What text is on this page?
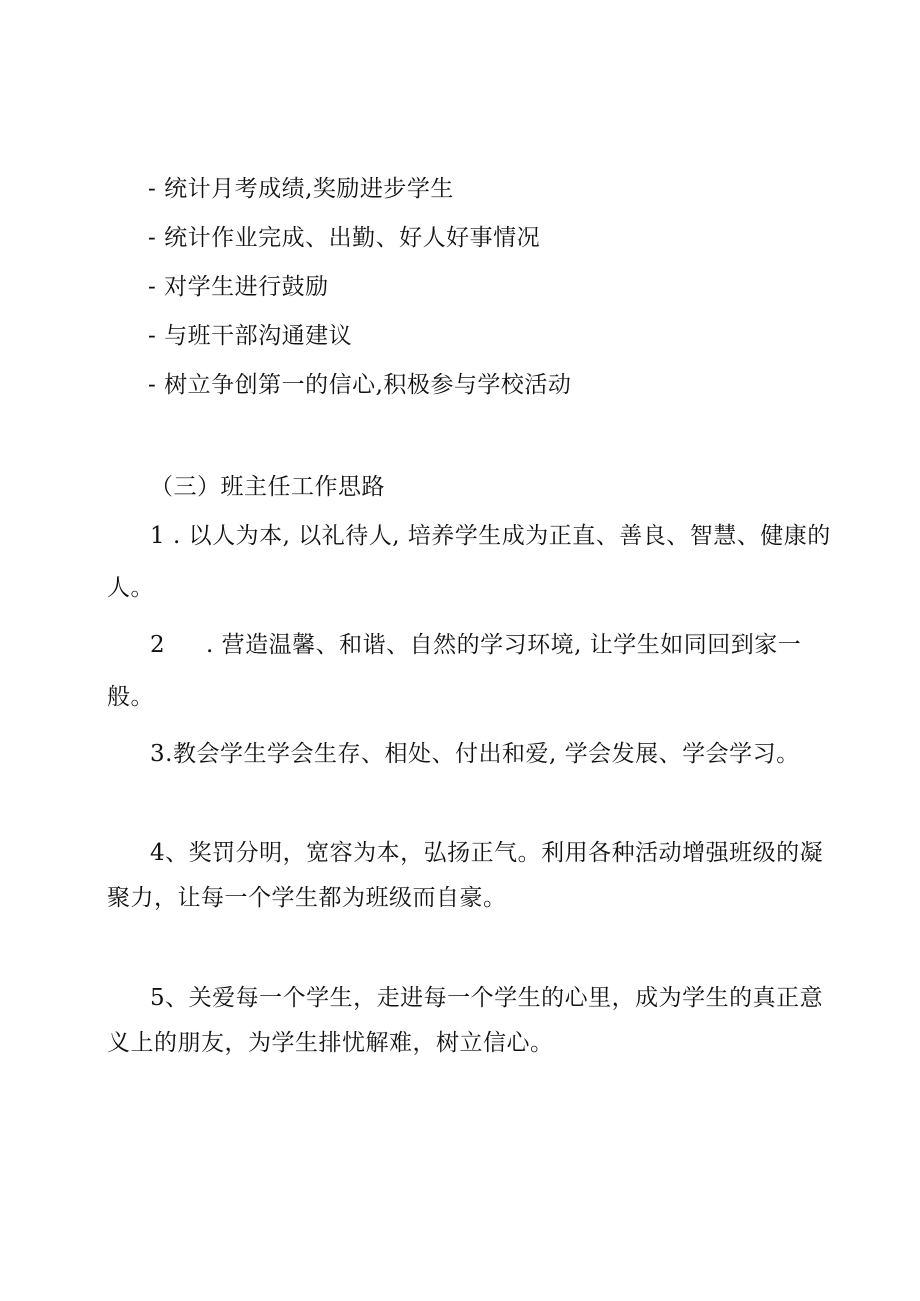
- 统计月考成绩,奖励进步学生
- 统计作业完成、出勤、好人好事情况
- 对学生进行鼓励
- 与班干部沟通建议
- 树立争创第一的信心,积极参与学校活动
（三）班主任工作思路
1 . 以人为本, 以礼待人, 培养学生成为正直、善良、智慧、健康的
人。
2 . 营造温馨、和谐、自然的学习环境, 让学生如同回到家一
般。
3.教会学生学会生存、相处、付出和爱, 学会发展、学会学习。
4、奖罚分明，宽容为本，弘扬正气。利用各种活动增强班级的凝
聚力，让每一个学生都为班级而自豪。
5、关爱每一个学生，走进每一个学生的心里，成为学生的真正意
义上的朋友，为学生排忧解难，树立信心。
